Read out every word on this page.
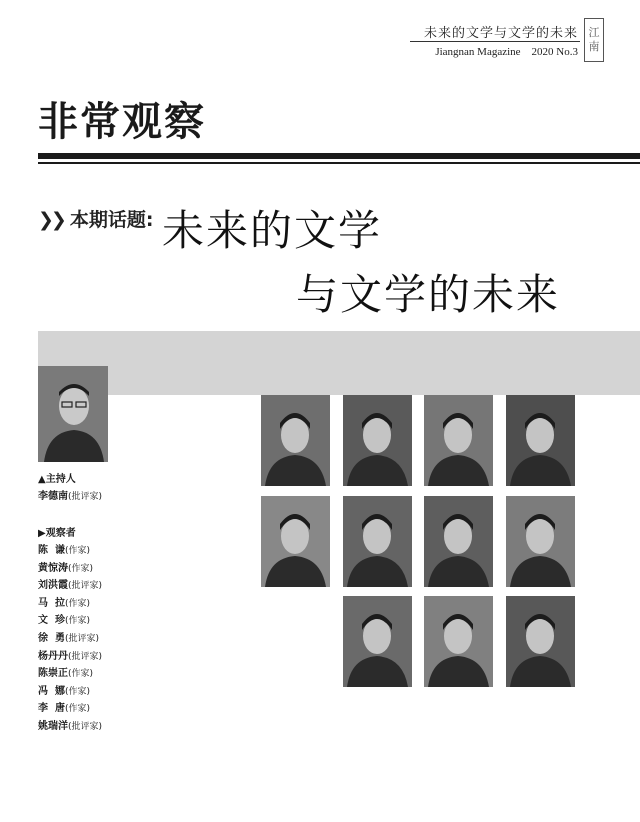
未来的文学与文学的未来
Jiangnan Magazine 2020 No.3
江
南
非常观察
❯❯ 本期话题: 未来的文学
与文学的未来
▲主持人
李德南(批评家)
▶观察者
陈  谦(作家)
黄惊涛(作家)
刘洪霞(批评家)
马  拉(作家)
文  珍(作家)
徐  勇(批评家)
杨丹丹(批评家)
陈崇正(作家)
冯  娜(作家)
李  唐(作家)
姚瑞洋(批评家)
